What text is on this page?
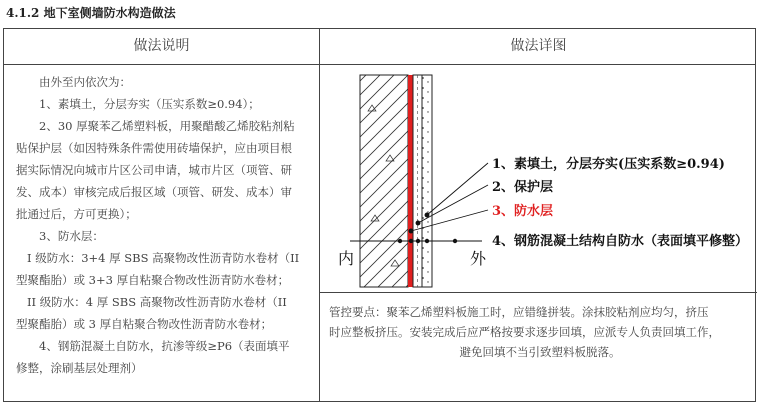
4.1.2 地下室侧墙防水构造做法
做法说明	做法详图

由外至内依次为：

1、素填土，分层夯实（压实系数≥0.94）；

2、30 厚聚苯乙烯塑料板，用聚醋酸乙烯胶粘剂粘

贴保护层（如因特殊条件需使用砖墙保护，应由项目根

据实际情况向城市片区公司申请，城市片区（项管、研

发、成本）审核完成后报区域（项管、研发、成本）审

批通过后，方可更换）；

3、防水层：

I 级防水：3+4 厚 SBS 高聚物改性沥青防水卷材（II

型聚酯胎）或 3+3 厚自粘聚合物改性沥青防水卷材；

II 级防水：4 厚 SBS 高聚物改性沥青防水卷材（II

型聚酯胎）或 3 厚自粘聚合物改性沥青防水卷材；

4、钢筋混凝土自防水，抗渗等级≥P6（表面填平

修整，涂刷基层处理剂）

内	外
1、素填土，分层夯实(压实系数≥0.94)
2、保护层
3、防水层
4、钢筋混凝土结构自防水（表面填平修整）

管控要点：聚苯乙烯塑料板施工时，应错缝拼装。涂抹胶粘剂应均匀，挤压

时应整板挤压。安装完成后应严格按要求逐步回填，应派专人负责回填工作，

避免回填不当引致塑料板脱落。
